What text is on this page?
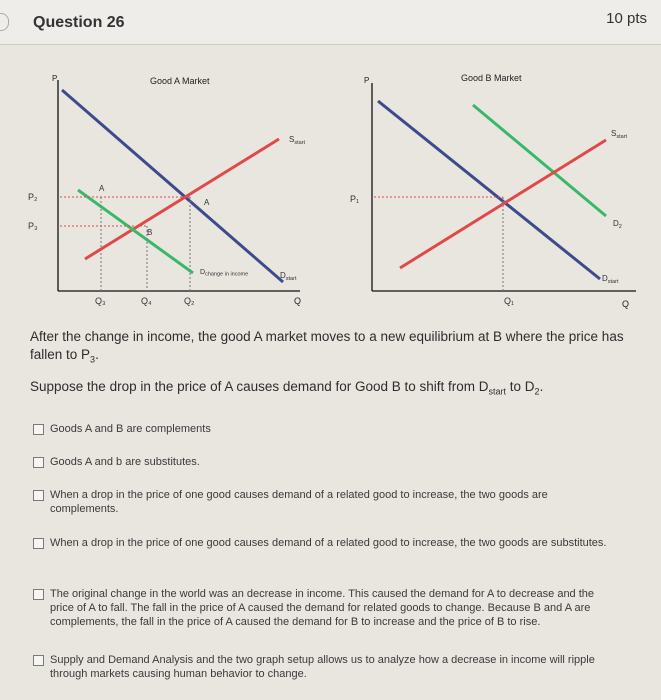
Question 26	10 pts
P
Q
Good A Market
A
A
B
P₂
P₃
Q₃	Q₄	Q₂
$S_{start}$
$D_{change in income}$	$D_{start}$
P
Q
Good B Market
P₁
Q₁
$S_{start}$
$D_2$
$D_{start}$
After the change in income, the good A market moves to a new equilibrium at B where the price has fallen to $P_3$.
Suppose the drop in the price of A causes demand for Good B to shift from $D_{start}$ to $D_2$.
Goods A and B are complements
Goods A and b are substitutes.
When a drop in the price of one good causes demand of a related good to increase, the two goods are complements.
When a drop in the price of one good causes demand of a related good to increase, the two goods are substitutes.
The original change in the world was an decrease in income. This caused the demand for A to decrease and the price of A to fall. The fall in the price of A caused the demand for related goods to change. Because B and A are complements, the fall in the price of A caused the demand for B to increase and the price of B to rise.
Supply and Demand Analysis and the two graph setup allows us to analyze how a decrease in income will ripple through markets causing human behavior to change.
